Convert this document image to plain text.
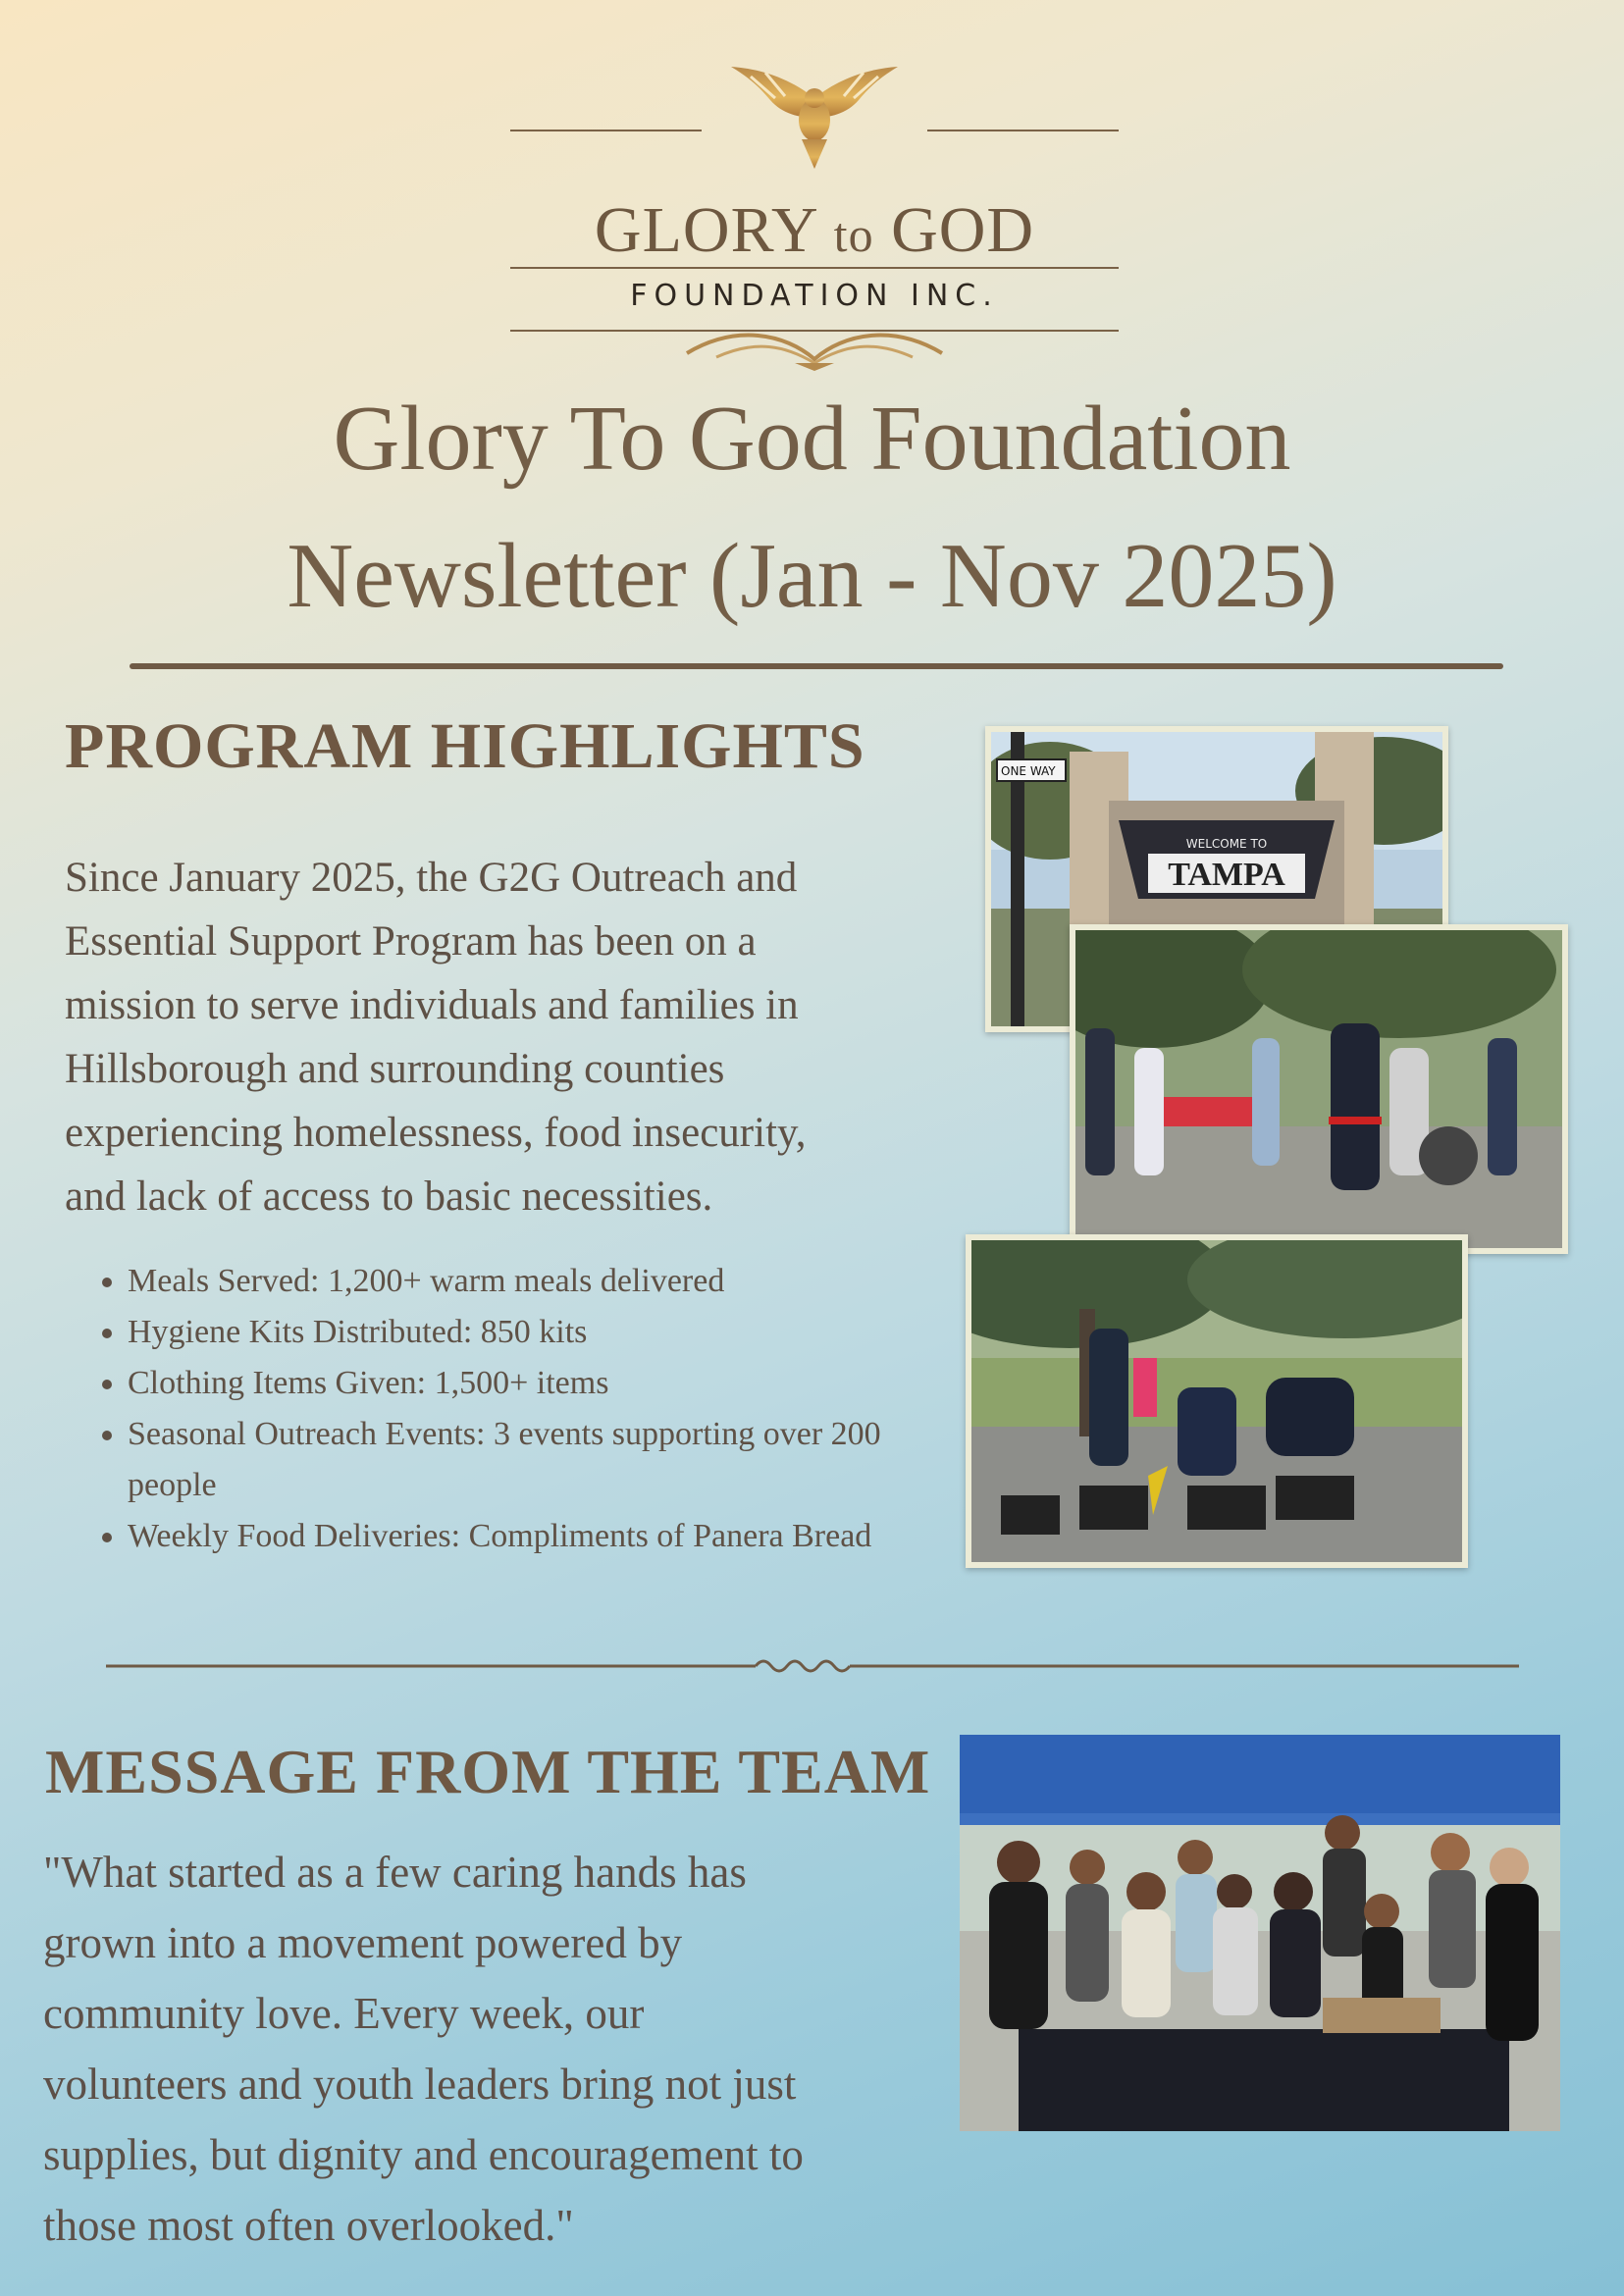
GLORY to GOD
FOUNDATION INC.
Glory To God Foundation
Newsletter (Jan - Nov 2025)
PROGRAM HIGHLIGHTS
Since January 2025, the G2G Outreach and
Essential Support Program has been on a
mission to serve individuals and families in
Hillsborough and surrounding counties
experiencing homelessness, food insecurity,
and lack of access to basic necessities.
• Meals Served: 1,200+ warm meals delivered
• Hygiene Kits Distributed: 850 kits
• Clothing Items Given: 1,500+ items
• Seasonal Outreach Events: 3 events supporting over 200 people
• Weekly Food Deliveries: Compliments of Panera Bread
ONE WAY
WELCOME TO
TAMPA
MESSAGE FROM THE TEAM
"What started as a few caring hands has
grown into a movement powered by
community love. Every week, our
volunteers and youth leaders bring not just
supplies, but dignity and encouragement to
those most often overlooked."
